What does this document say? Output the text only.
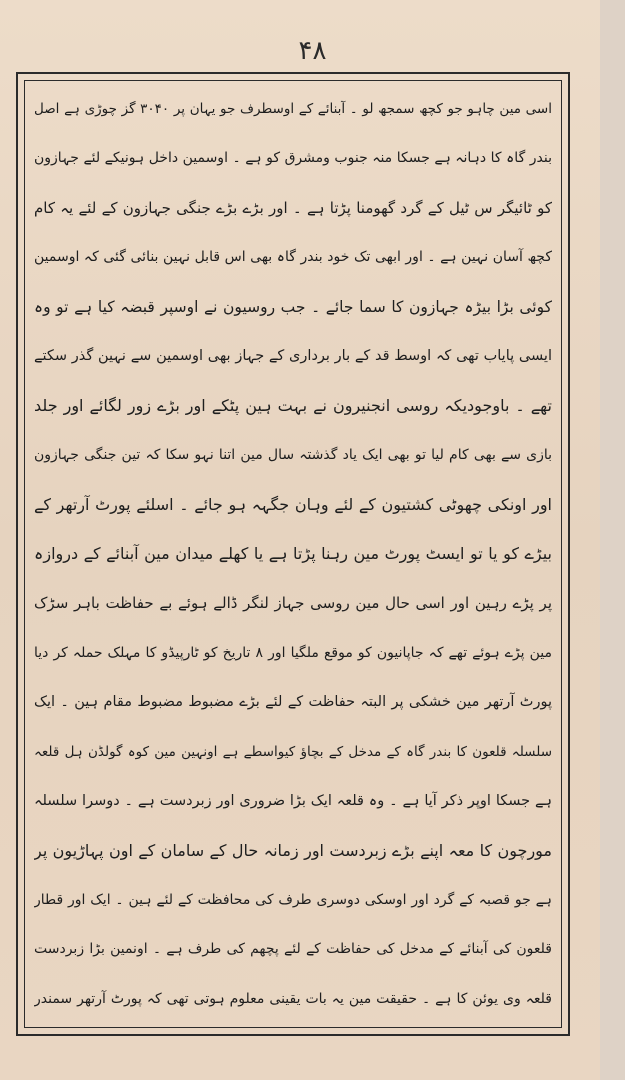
۴۸
اسی مین چاہو جو کچھ سمجھ لو ۔ آبنائے کے اوسطرف جو یہان پر ۳۰۴۰ گز چوڑی ہے اصل
بندر گاہ کا دہانہ ہے جسکا منہ جنوب ومشرق کو ہے ۔ اوسمین داخل ہونیکے لئے جہازون
کو ٹائیگر س ٹیل کے گرد گھومنا پڑتا ہے ۔ اور بڑے بڑے جنگی جہازون کے لئے یہ کام
کچھ آسان نہین ہے ۔ اور ابھی تک خود بندر گاہ بھی اس قابل نہین بنائی گئی کہ اوسمین
کوئی بڑا بیڑہ جہازون کا سما جائے ۔ جب روسیون نے اوسپر قبضہ کیا ہے تو وہ
ایسی پایاب تھی کہ اوسط قد کے بار برداری کے جہاز بھی اوسمین سے نہین گذر سکتے
تھے ۔ باوجودیکہ روسی انجنیرون نے بہت ہین پٹکے اور بڑے زور لگائے اور جلد
بازی سے بھی کام لیا تو بھی ایک یاد گذشتہ سال مین اتنا نہو سکا کہ تین جنگی جہازون
اور اونکی چھوٹی کشتیون کے لئے وہان جگہہ ہو جائے ۔ اسلئے پورٹ آرتھر کے
بیڑے کو یا تو ایسٹ پورٹ مین رہنا پڑتا ہے یا کھلے میدان مین آبنائے کے دروازہ
پر پڑے رہین اور اسی حال مین روسی جہاز لنگر ڈالے ہوئے بے حفاظت باہر سڑک
مین پڑے ہوئے تھے کہ جاپانیون کو موقع ملگیا اور ۸ تاریخ کو ٹارپیڈو کا مہلک حملہ کر دیا
پورٹ آرتھر مین خشکی پر البتہ حفاظت کے لئے بڑے مضبوط مضبوط مقام ہین ۔ ایک
سلسلہ قلعون کا بندر گاہ کے مدخل کے بچاؤ کیواسطے ہے اونہین مین کوہ گولڈن ہل قلعہ
ہے جسکا اوپر ذکر آیا ہے ۔ وہ قلعہ ایک بڑا ضروری اور زبردست ہے ۔ دوسرا سلسلہ
مورچون کا معہ اپنے بڑے زبردست اور زمانہ حال کے سامان کے اون پہاڑیون پر
ہے جو قصبہ کے گرد اور اوسکی دوسری طرف کی محافظت کے لئے ہین ۔ ایک اور قطار
قلعون کی آبنائے کے مدخل کی حفاظت کے لئے پچھم کی طرف ہے ۔ اونمین بڑا زبردست
قلعہ وی یوئن کا ہے ۔ حقیقت مین یہ بات یقینی معلوم ہوتی تھی کہ پورٹ آرتھر سمندر
